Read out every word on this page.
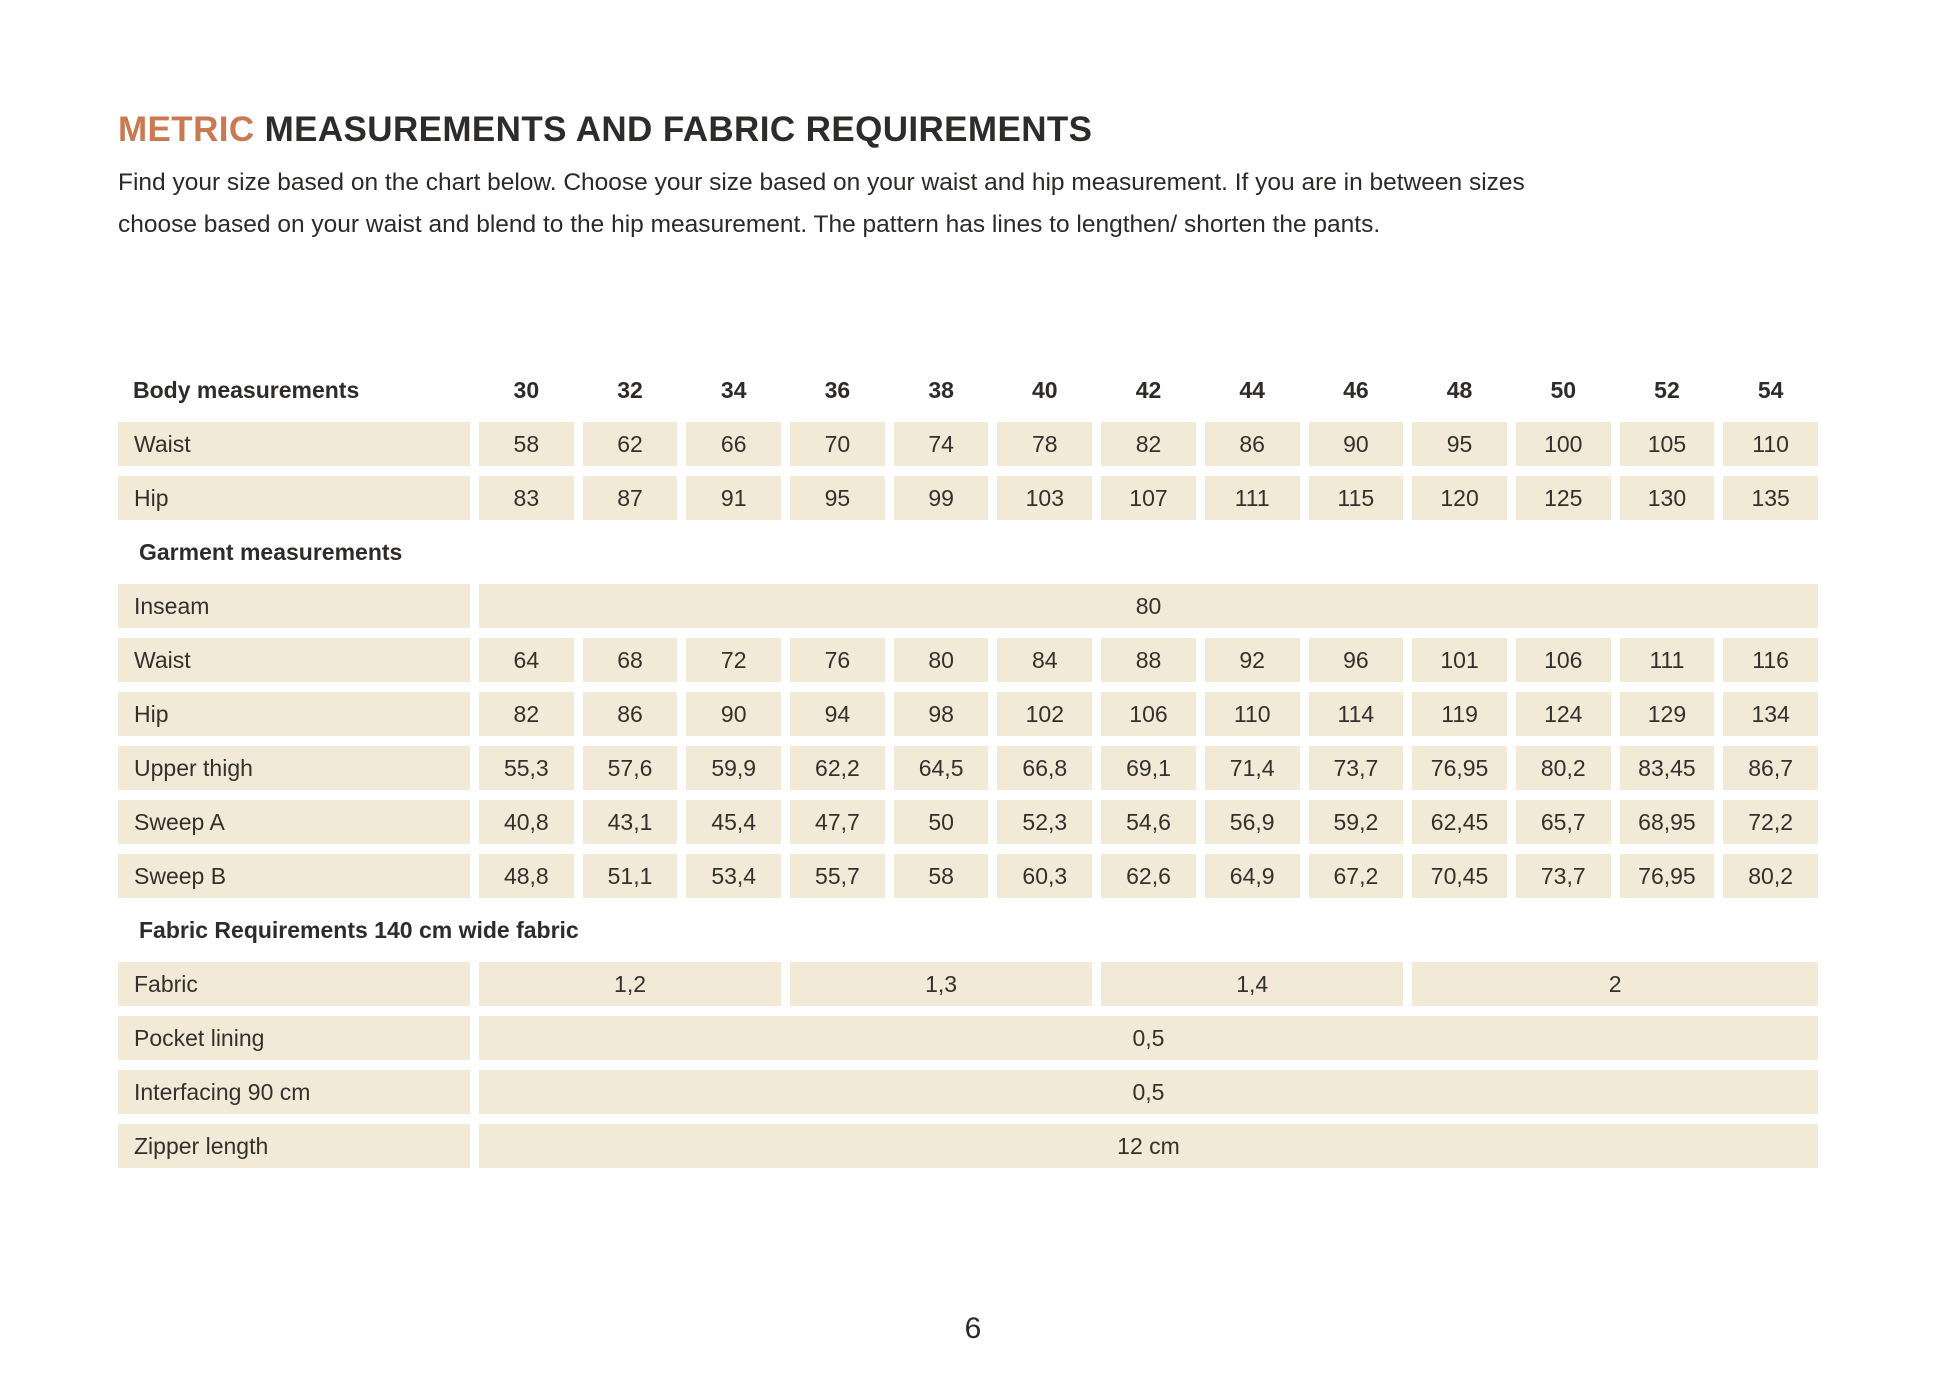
METRIC MEASUREMENTS AND FABRIC REQUIREMENTS
Find your size based on the chart below. Choose your size based on your waist and hip measurement. If you are in between sizes
choose based on your waist and blend to the hip measurement. The pattern has lines to lengthen/ shorten the pants.
Body measurements	30	32	34	36	38	40	42	44	46	48	50	52	54
Waist	58	62	66	70	74	78	82	86	90	95	100	105	110
Hip	83	87	91	95	99	103	107	111	115	120	125	130	135
Garment measurements
Inseam	80
Waist	64	68	72	76	80	84	88	92	96	101	106	111	116
Hip	82	86	90	94	98	102	106	110	114	119	124	129	134
Upper thigh	55,3	57,6	59,9	62,2	64,5	66,8	69,1	71,4	73,7	76,95	80,2	83,45	86,7
Sweep A	40,8	43,1	45,4	47,7	50	52,3	54,6	56,9	59,2	62,45	65,7	68,95	72,2
Sweep B	48,8	51,1	53,4	55,7	58	60,3	62,6	64,9	67,2	70,45	73,7	76,95	80,2
Fabric Requirements 140 cm wide fabric
Fabric	1,2	1,3	1,4	2
Pocket lining	0,5
Interfacing 90 cm	0,5
Zipper length	12 cm
6
